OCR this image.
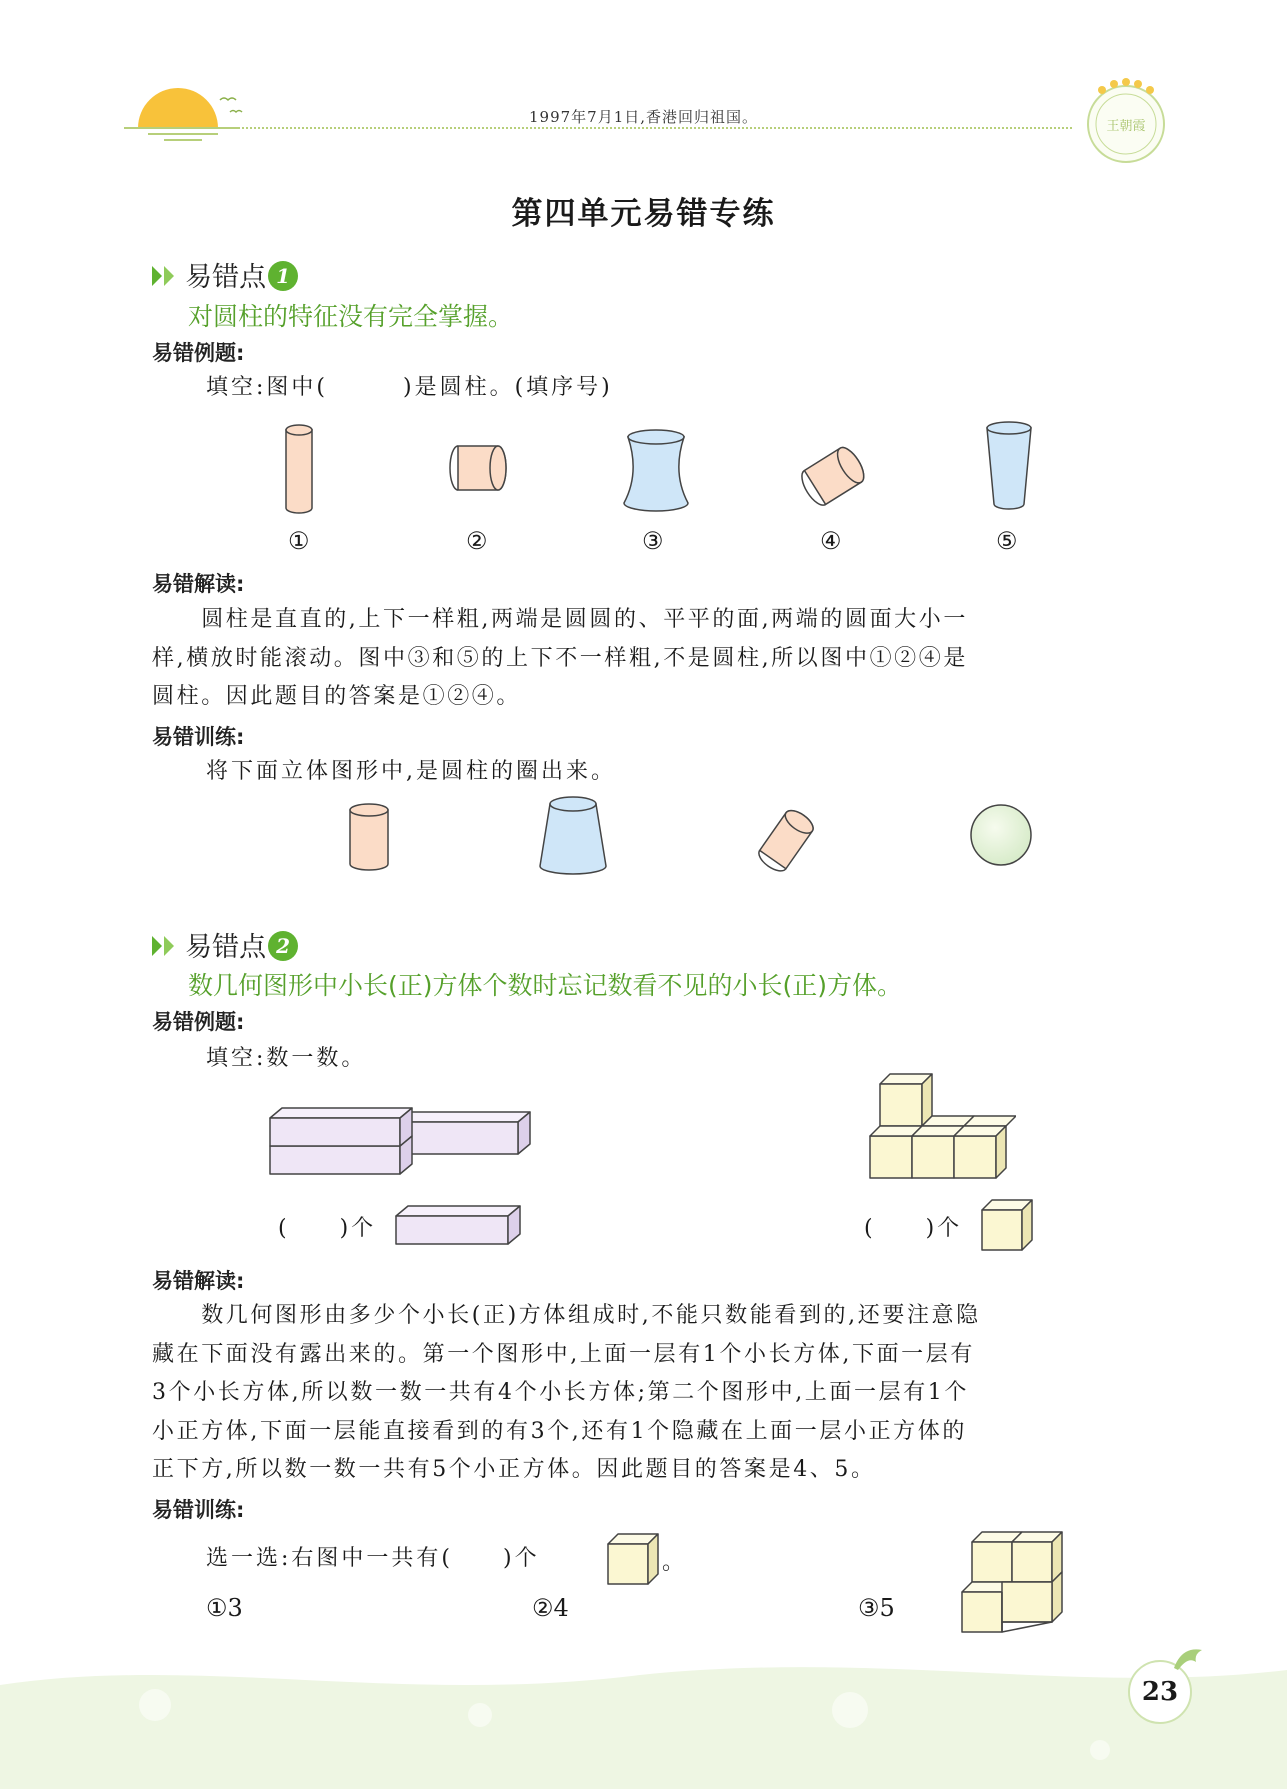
1997年7月1日,香港回归祖国。
王朝霞
第四单元易错专练
易错点 1
对圆柱的特征没有完全掌握。
易错例题:
填空:图中(　　　)是圆柱。(填序号)
①	②	③	④	⑤
易错解读:
　　圆柱是直直的,上下一样粗,两端是圆圆的、平平的面,两端的圆面大小一
样,横放时能滚动。图中③和⑤的上下不一样粗,不是圆柱,所以图中①②④是
圆柱。因此题目的答案是①②④。
易错训练:
将下面立体图形中,是圆柱的圈出来。
易错点 2
数几何图形中小长(正)方体个数时忘记数看不见的小长(正)方体。
易错例题:
填空:数一数。
(　　)个	(　　)个
易错解读:
　　数几何图形由多少个小长(正)方体组成时,不能只数能看到的,还要注意隐
藏在下面没有露出来的。第一个图形中,上面一层有1个小长方体,下面一层有
3个小长方体,所以数一数一共有4个小长方体;第二个图形中,上面一层有1个
小正方体,下面一层能直接看到的有3个,还有1个隐藏在上面一层小正方体的
正下方,所以数一数一共有5个小正方体。因此题目的答案是4、5。
易错训练:
选一选:右图中一共有(　　)个	。
①3	②4	③5
23
